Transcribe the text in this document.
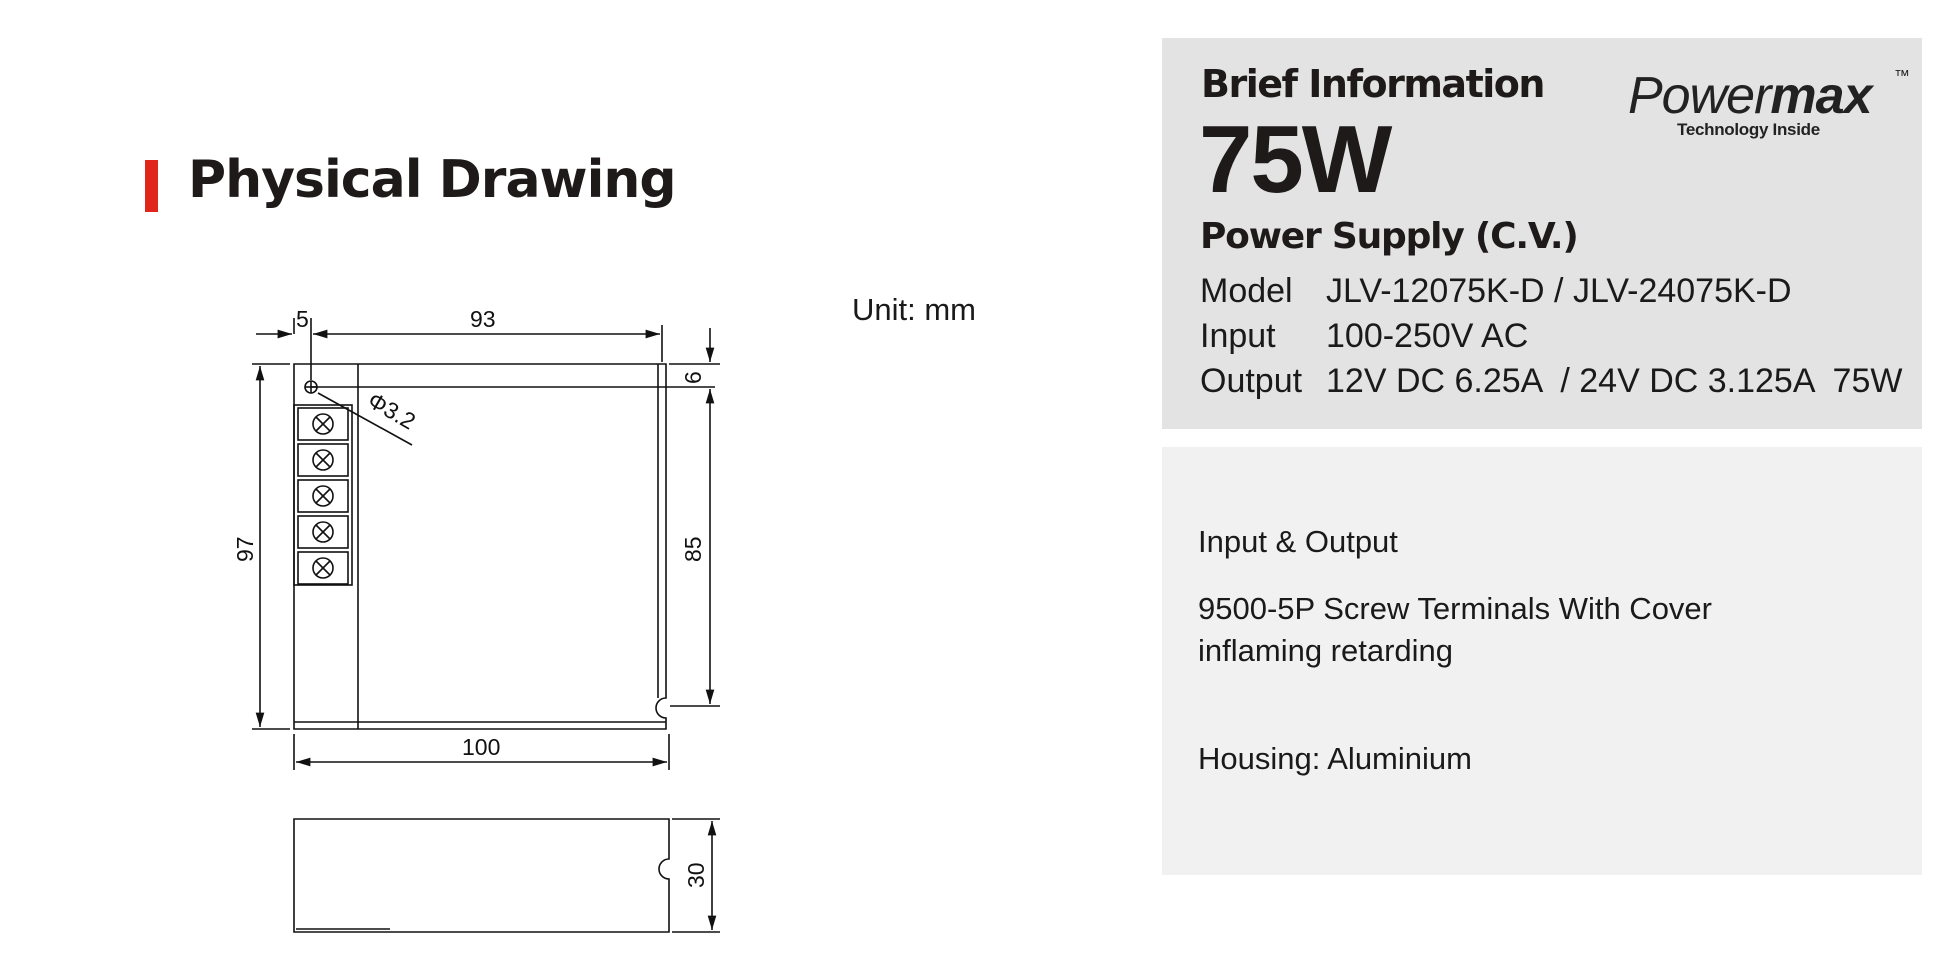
Physical Drawing
Unit: mm
5	93
6
Φ3.2
97	85
100
30
Brief Information
75W
Power Supply (C.V.)
Model JLV-12075K-D / JLV-24075K-D
Input 100-250V AC
Output 12V DC 6.25A  / 24V DC 3.125A  75W
Powermax ™
Technology Inside
Input & Output
9500-5P Screw Terminals With Cover
inflaming retarding
Housing: Aluminium
